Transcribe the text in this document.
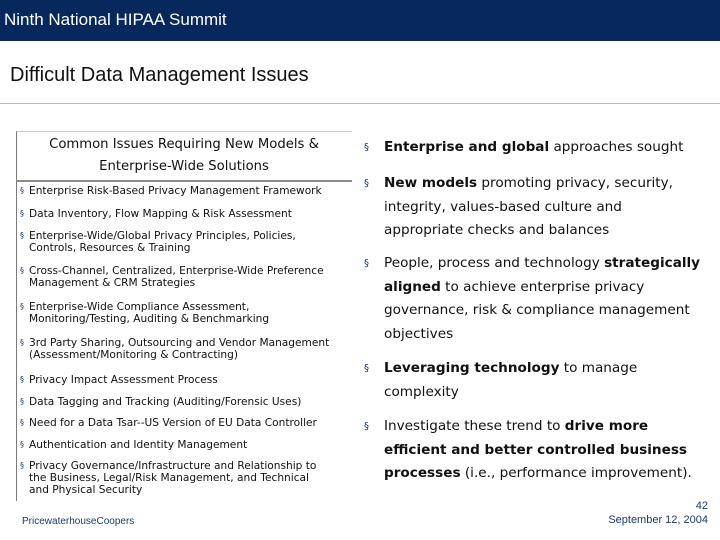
Ninth National HIPAA Summit
Difficult Data Management Issues
Common Issues Requiring New Models &
Enterprise-Wide Solutions
§ Enterprise Risk-Based Privacy Management Framework
§ Data Inventory, Flow Mapping & Risk Assessment
§ Enterprise-Wide/Global Privacy Principles, Policies,
Controls, Resources & Training
§ Cross-Channel, Centralized, Enterprise-Wide Preference
Management & CRM Strategies
§ Enterprise-Wide Compliance Assessment,
Monitoring/Testing, Auditing & Benchmarking
§ 3rd Party Sharing, Outsourcing and Vendor Management
(Assessment/Monitoring & Contracting)
§ Privacy Impact Assessment Process
§ Data Tagging and Tracking (Auditing/Forensic Uses)
§ Need for a Data Tsar--US Version of EU Data Controller
§ Authentication and Identity Management
§ Privacy Governance/Infrastructure and Relationship to
the Business, Legal/Risk Management, and Technical
and Physical Security
§	Enterprise and global approaches sought
§	New models promoting privacy, security,
integrity, values-based culture and
appropriate checks and balances
§	People, process and technology strategically
aligned to achieve enterprise privacy
governance, risk & compliance management
objectives
§	Leveraging technology to manage
complexity
§	Investigate these trend to drive more
efficient and better controlled business
processes (i.e., performance improvement).
PricewaterhouseCoopers
42
September 12, 2004
